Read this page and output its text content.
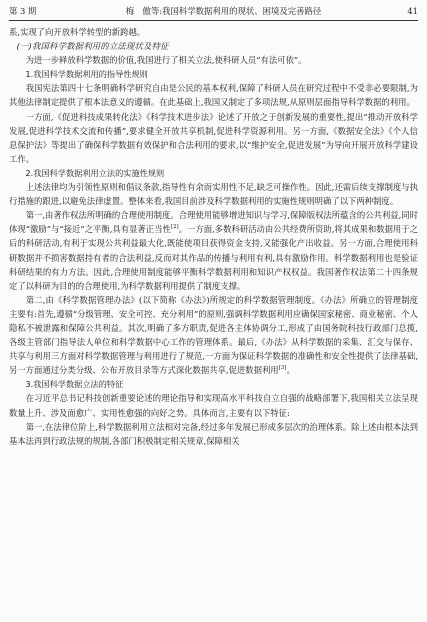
第 3 期	梅　傲等:我国科学数据利用的现状、困境及完善路径	41

系,实现了向开放科学转型的新跨越。

(一)我国科学数据利用的立法现状及特征

为进一步释放科学数据的价值,我国进行了相关立法,使科研人员“有法可依”。

1.我国科学数据利用的指导性规则

我国宪法第四十七条明确科学研究自由是公民的基本权利,保障了科研人员在研究过程中不受非必要限制,为其他法律制定提供了根本法意义的遵循。在此基础上,我国又制定了多项法规,从原则层面指导科学数据的利用。

一方面,《促进科技成果转化法》《科学技术进步法》论述了开放之于创新发展的重要性,提出“推动开放科学发展,促进科学技术交流和传播”,要求健全开放共享机制,促进科学资源利用。另一方面,《数据安全法》《个人信息保护法》等提出了确保科学数据有效保护和合法利用的要求,以“维护安全,促进发展”为导向开展开放科学建设工作。

2.我国科学数据利用立法的实施性规则

上述法律均为引领性原则和倡议条款,指导性有余而实用性不足,缺乏可操作性。因此,还需后续支撑制度与执行措施的跟进,以避免法律虚置。整体来看,我国目前涉及科学数据利用的实施性规则明确了以下两种制度。

第一,由著作权法所明确的合理使用制度。合理使用能够增进知识与学习,保障版权法所蕴含的公共利益,同时体现“激励”与“接近”之平衡,具有显著正当性[2]。一方面,多数科研活动由公共经费所资助,将其成果和数据用于之后的科研活动,有利于实现公共利益最大化,既能使项目获得资金支持,又能强化产出收益。另一方面,合理使用科研数据并不损害数据持有者的合法利益,反而对其作品的传播与利用有利,具有激励作用。科学数据利用也是验证科研结果的有力方法。因此,合理使用制度能够平衡科学数据利用和知识产权权益。我国著作权法第二十四条规定了以科研为目的的合理使用,为科学数据利用提供了制度支撑。

第二,由《科学数据管理办法》(以下简称《办法》)所规定的科学数据管理制度。《办法》所确立的管理制度主要有:首先,遵循“分级管理、安全可控、充分利用”的原则,强调科学数据利用应确保国家秘密、商业秘密、个人隐私不被泄露和保障公共利益。其次,明确了多方职责,促进各主体协调分工,形成了由国务院科技行政部门总揽,各级主管部门指导法人单位和科学数据中心工作的管理体系。最后,《办法》从科学数据的采集、汇交与保存、共享与利用三方面对科学数据管理与利用进行了规范,一方面为保证科学数据的准确性和安全性提供了法律基础,另一方面通过分类分级、公布开放目录等方式深化数据共享,促进数据利用[3]。

3.我国科学数据立法的特征

在习近平总书记科技创新重要论述的理论指导和实现高水平科技自立自强的战略部署下,我国相关立法呈现数量上升、涉及面愈广、实用性愈强的向好之势。具体而言,主要有以下特征:

第一,在法律位阶上,科学数据利用立法相对完备,经过多年发展已形成多层次的治理体系。除上述由根本法到基本法再到行政法规的规制,各部门积极制定相关规章,保障相关
